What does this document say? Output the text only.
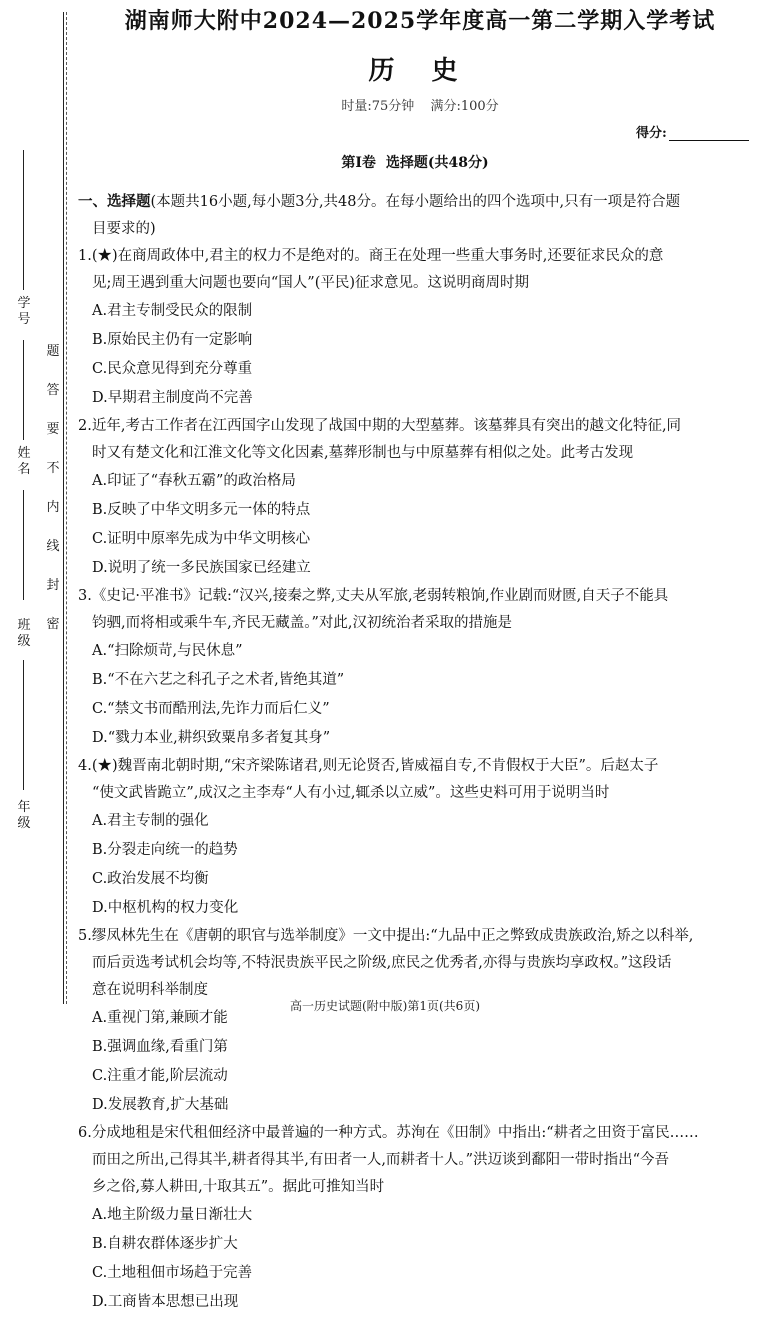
学 号
姓 名
班 级
年 级
题
答
要
不
内
线
封
密
湖南师大附中2024—2025学年度高一第二学期入学考试
历 史
时量:75分钟 满分:100分
得分:
第Ⅰ卷 选择题(共48分)

一、选择题(本题共16小题,每小题3分,共48分。在每小题给出的四个选项中,只有一项是符合题

目要求的)

1.(★)在商周政体中,君主的权力不是绝对的。商王在处理一些重大事务时,还要征求民众的意

见;周王遇到重大问题也要向“国人”(平民)征求意见。这说明商周时期

A.君主专制受民众的限制
B.原始民主仍有一定影响
C.民众意见得到充分尊重
D.早期君主制度尚不完善

2.近年,考古工作者在江西国字山发现了战国中期的大型墓葬。该墓葬具有突出的越文化特征,同

时又有楚文化和江淮文化等文化因素,墓葬形制也与中原墓葬有相似之处。此考古发现

A.印证了“春秋五霸”的政治格局
B.反映了中华文明多元一体的特点
C.证明中原率先成为中华文明核心
D.说明了统一多民族国家已经建立

3.《史记·平准书》记载:“汉兴,接秦之弊,丈夫从军旅,老弱转粮饷,作业剧而财匮,自天子不能具

钧驷,而将相或乘牛车,齐民无藏盖。”对此,汉初统治者采取的措施是

A.“扫除烦苛,与民休息”
B.“不在六艺之科孔子之术者,皆绝其道”
C.“禁文书而酷刑法,先诈力而后仁义”
D.“戮力本业,耕织致粟帛多者复其身”

4.(★)魏晋南北朝时期,“宋齐梁陈诸君,则无论贤否,皆威福自专,不肯假权于大臣”。后赵太子

“使文武皆跪立”,成汉之主李寿“人有小过,辄杀以立威”。这些史料可用于说明当时

A.君主专制的强化
B.分裂走向统一的趋势
C.政治发展不均衡
D.中枢机构的权力变化

5.缪凤林先生在《唐朝的职官与选举制度》一文中提出:“九品中正之弊致成贵族政治,矫之以科举,

而后贡选考试机会均等,不特泯贵族平民之阶级,庶民之优秀者,亦得与贵族均享政权。”这段话

意在说明科举制度

A.重视门第,兼顾才能
B.强调血缘,看重门第
C.注重才能,阶层流动
D.发展教育,扩大基础

6.分成地租是宋代租佃经济中最普遍的一种方式。苏洵在《田制》中指出:“耕者之田资于富民……

而田之所出,己得其半,耕者得其半,有田者一人,而耕者十人。”洪迈谈到鄱阳一带时指出“今吾

乡之俗,募人耕田,十取其五”。据此可推知当时

A.地主阶级力量日渐壮大
B.自耕农群体逐步扩大
C.土地租佃市场趋于完善
D.工商皆本思想已出现
高一历史试题(附中版)第1页(共6页)
